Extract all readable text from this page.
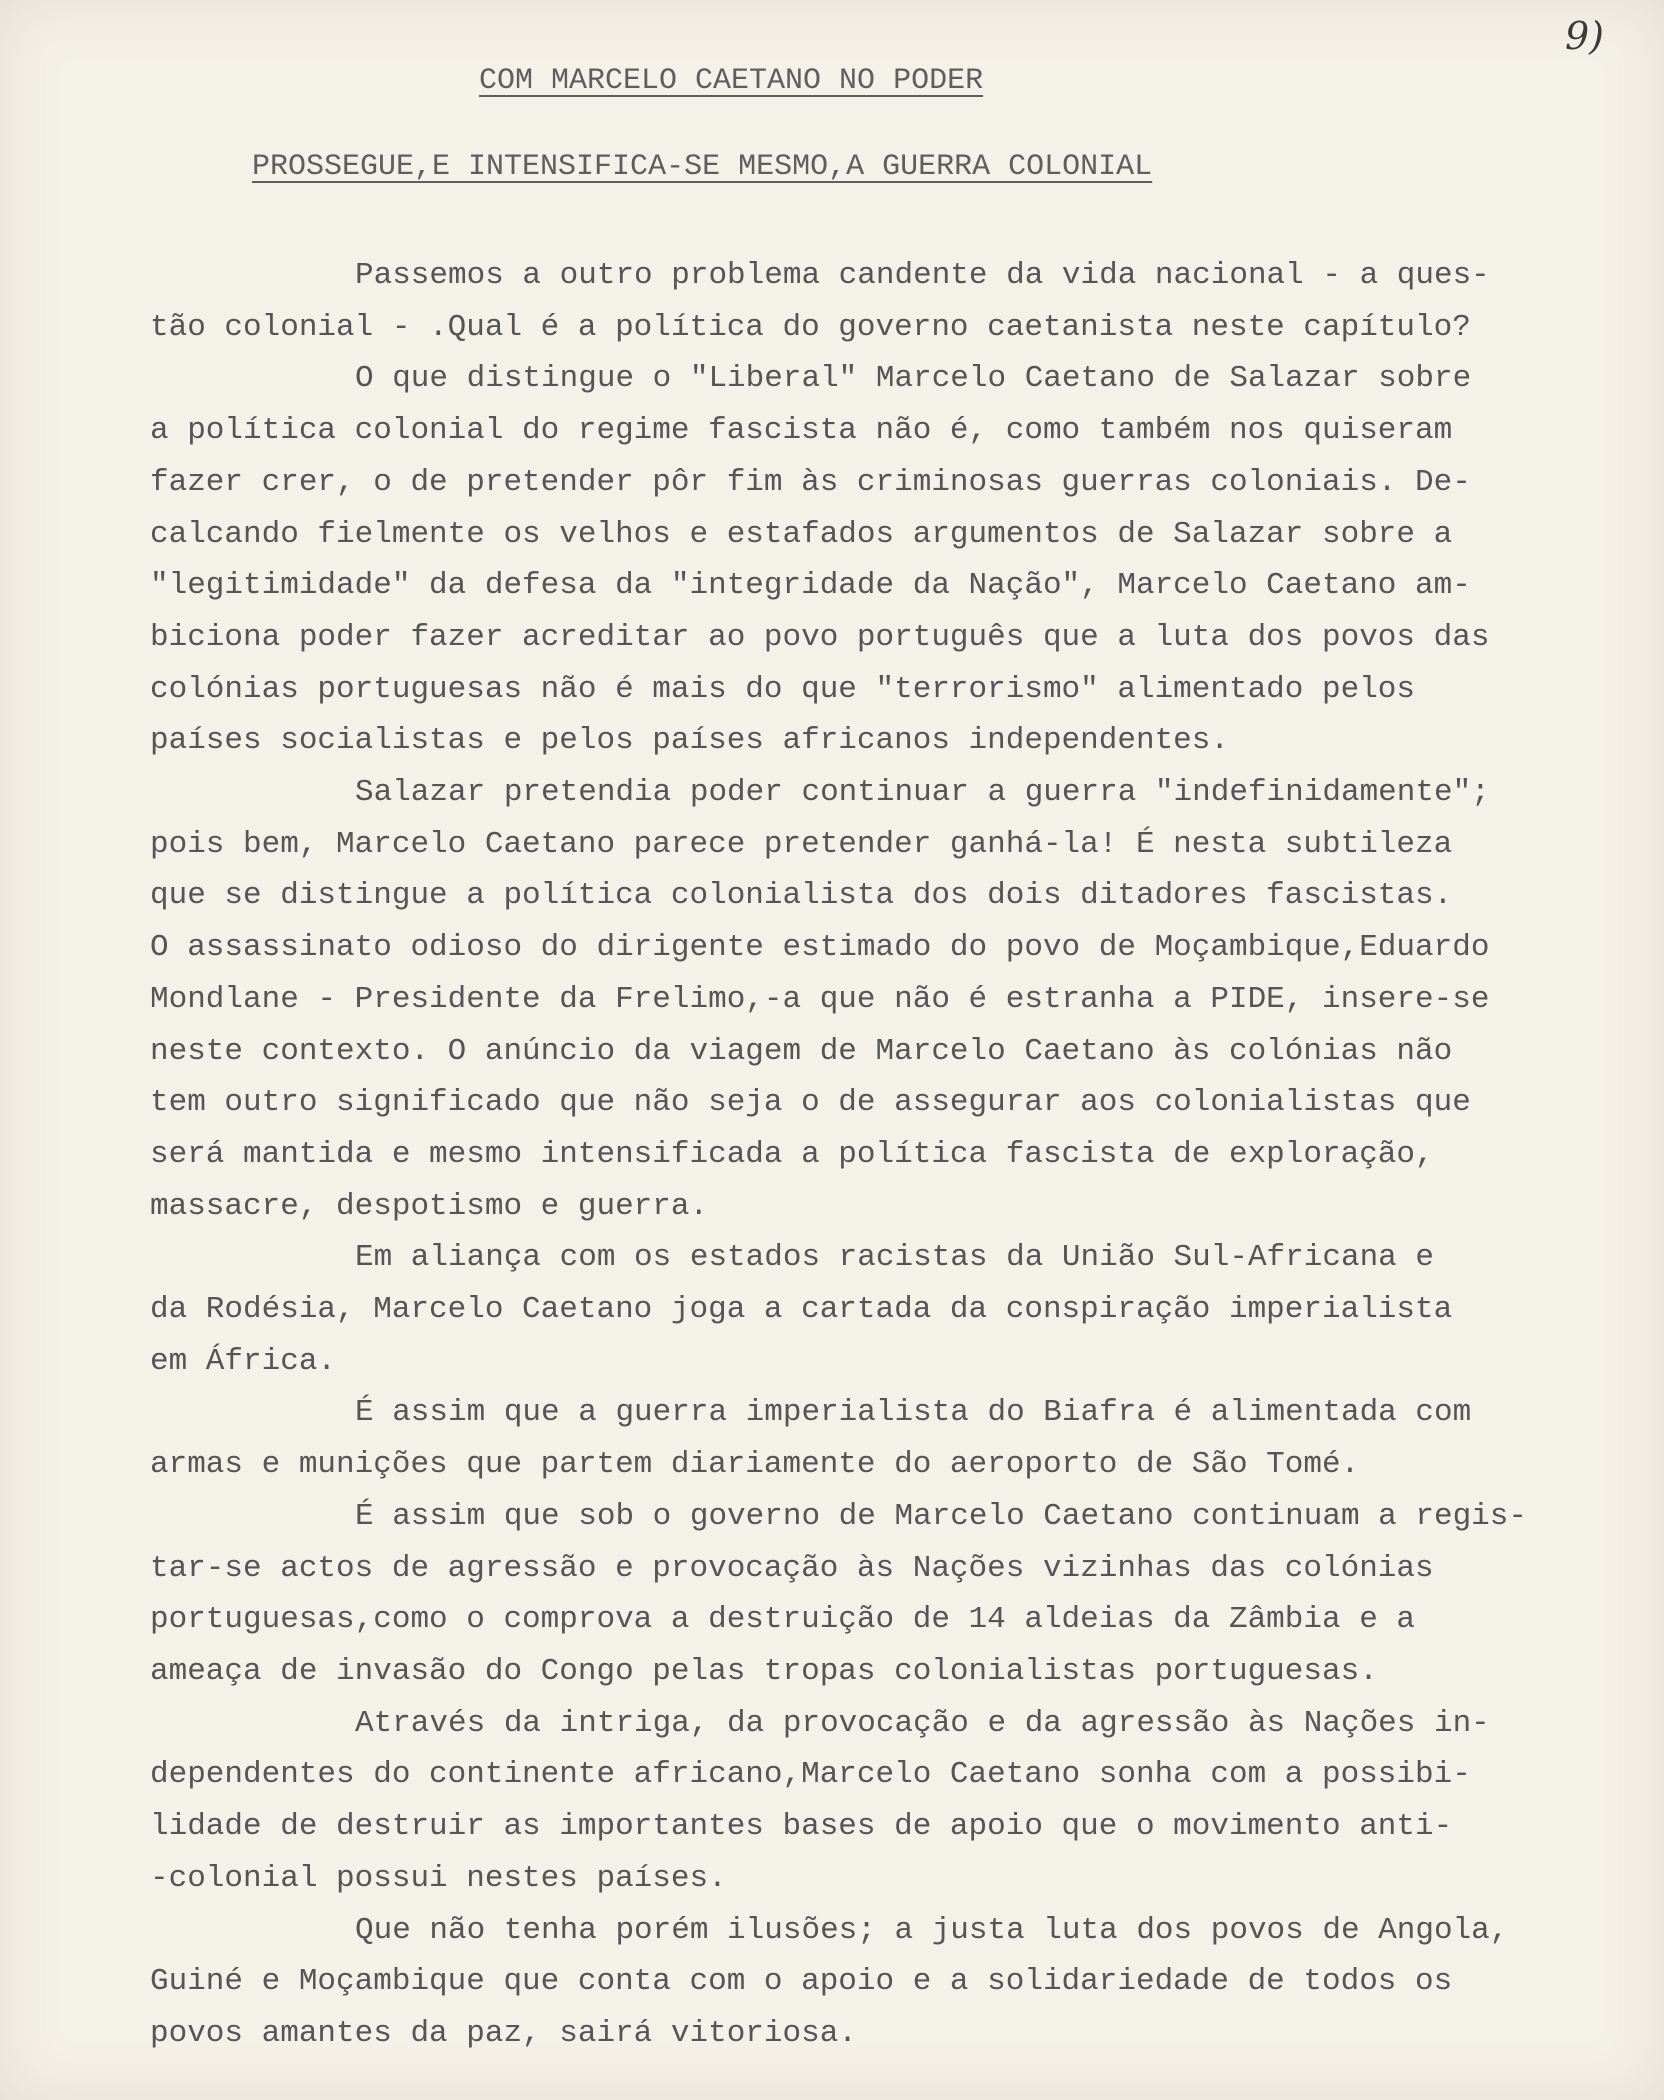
9)
COM MARCELO CAETANO NO PODER
PROSSEGUE,E INTENSIFICA-SE MESMO,A GUERRA COLONIAL

Passemos a outro problema candente da vida nacional - a ques-
tão colonial - .Qual é a política do governo caetanista neste capítulo?

O que distingue o "Liberal" Marcelo Caetano de Salazar sobre
a política colonial do regime fascista não é, como também nos quiseram
fazer crer, o de pretender pôr fim às criminosas guerras coloniais. De-
calcando fielmente os velhos e estafados argumentos de Salazar sobre a
"legitimidade" da defesa da "integridade da Nação", Marcelo Caetano am-
biciona poder fazer acreditar ao povo português que a luta dos povos das
colónias portuguesas não é mais do que "terrorismo" alimentado pelos
países socialistas e pelos países africanos independentes.

Salazar pretendia poder continuar a guerra "indefinidamente";
pois bem, Marcelo Caetano parece pretender ganhá-la! É nesta subtileza
que se distingue a política colonialista dos dois ditadores fascistas.
O assassinato odioso do dirigente estimado do povo de Moçambique,Eduardo
Mondlane - Presidente da Frelimo,-a que não é estranha a PIDE, insere-se
neste contexto. O anúncio da viagem de Marcelo Caetano às colónias não
tem outro significado que não seja o de assegurar aos colonialistas que
será mantida e mesmo intensificada a política fascista de exploração,
massacre, despotismo e guerra.

Em aliança com os estados racistas da União Sul-Africana e
da Rodésia, Marcelo Caetano joga a cartada da conspiração imperialista
em África.

É assim que a guerra imperialista do Biafra é alimentada com
armas e munições que partem diariamente do aeroporto de São Tomé.

É assim que sob o governo de Marcelo Caetano continuam a regis-
tar-se actos de agressão e provocação às Nações vizinhas das colónias
portuguesas,como o comprova a destruição de 14 aldeias da Zâmbia e a
ameaça de invasão do Congo pelas tropas colonialistas portuguesas.

Através da intriga, da provocação e da agressão às Nações in-
dependentes do continente africano,Marcelo Caetano sonha com a possibi-
lidade de destruir as importantes bases de apoio que o movimento anti-
-colonial possui nestes países.

Que não tenha porém ilusões; a justa luta dos povos de Angola,
Guiné e Moçambique que conta com o apoio e a solidariedade de todos os
povos amantes da paz, sairá vitoriosa.
